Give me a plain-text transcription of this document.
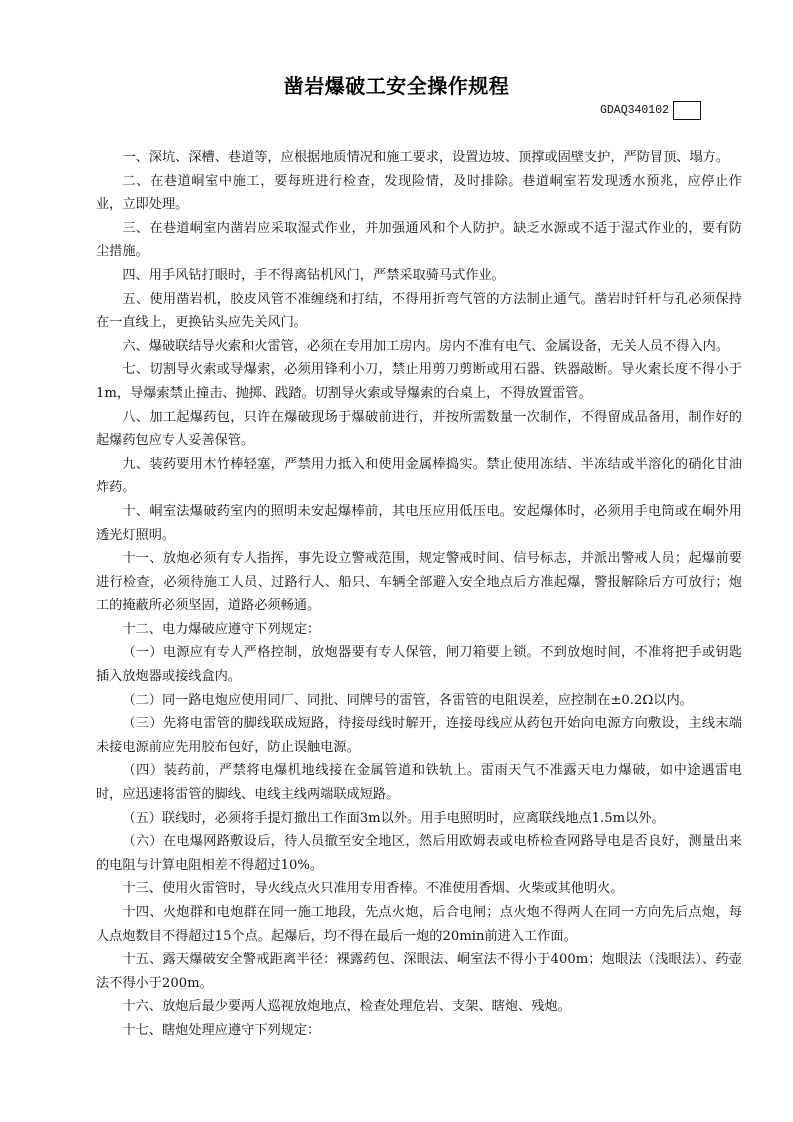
凿岩爆破工安全操作规程
GDAQ340102

一、深坑、深槽、巷道等，应根据地质情况和施工要求，设置边坡、顶撑或固壁支护，严防冒顶、塌方。

二、在巷道峒室中施工，要每班进行检查，发现险情，及时排除。巷道峒室若发现透水预兆，应停止作业，立即处理。

三、在巷道峒室内凿岩应采取湿式作业，并加强通风和个人防护。缺乏水源或不适于湿式作业的，要有防尘措施。

四、用手风钻打眼时，手不得离钻机风门，严禁采取骑马式作业。

五、使用凿岩机，胶皮风管不准缠绕和打结，不得用折弯气管的方法制止通气。凿岩时钎杆与孔必须保持在一直线上，更换钻头应先关风门。

六、爆破联结导火索和火雷管，必须在专用加工房内。房内不准有电气、金属设备，无关人员不得入内。

七、切割导火索或导爆索，必须用锋利小刀，禁止用剪刀剪断或用石器、铁器敲断。导火索长度不得小于1m，导爆索禁止撞击、抛掷、践踏。切割导火索或导爆索的台桌上，不得放置雷管。

八、加工起爆药包，只许在爆破现场于爆破前进行，并按所需数量一次制作，不得留成品备用，制作好的起爆药包应专人妥善保管。

九、装药要用木竹棒轻塞，严禁用力抵入和使用金属棒捣实。禁止使用冻结、半冻结或半溶化的硝化甘油炸药。

十、峒室法爆破药室内的照明未安起爆棒前，其电压应用低压电。安起爆体时，必须用手电筒或在峒外用透光灯照明。

十一、放炮必须有专人指挥，事先设立警戒范围，规定警戒时间、信号标志，并派出警戒人员；起爆前要进行检查，必须待施工人员、过路行人、船只、车辆全部避入安全地点后方准起爆，警报解除后方可放行；炮工的掩蔽所必须坚固，道路必须畅通。

十二、电力爆破应遵守下列规定：

（一）电源应有专人严格控制，放炮器要有专人保管，闸刀箱要上锁。不到放炮时间，不准将把手或钥匙插入放炮器或接线盒内。

（二）同一路电炮应使用同厂、同批、同牌号的雷管，各雷管的电阻误差，应控制在±0.2Ω以内。

（三）先将电雷管的脚线联成短路，待接母线时解开，连接母线应从药包开始向电源方向敷设，主线末端未接电源前应先用胶布包好，防止误触电源。

（四）装药前，严禁将电爆机地线接在金属管道和铁轨上。雷雨天气不准露天电力爆破，如中途遇雷电时，应迅速将雷管的脚线、电线主线两端联成短路。

（五）联线时，必须将手提灯撤出工作面3m以外。用手电照明时，应离联线地点1.5m以外。

（六）在电爆网路敷设后，待人员撤至安全地区，然后用欧姆表或电桥检查网路导电是否良好，测量出来的电阻与计算电阻相差不得超过10%。

十三、使用火雷管时，导火线点火只准用专用香棒。不准使用香烟、火柴或其他明火。

十四、火炮群和电炮群在同一施工地段，先点火炮，后合电闸；点火炮不得两人在同一方向先后点炮，每人点炮数目不得超过15个点。起爆后，均不得在最后一炮的20min前进入工作面。

十五、露天爆破安全警戒距离半径：裸露药包、深眼法、峒室法不得小于400m；炮眼法（浅眼法）、药壶法不得小于200m。

十六、放炮后最少要两人巡视放炮地点，检查处理危岩、支架、瞎炮、残炮。

十七、瞎炮处理应遵守下列规定：
